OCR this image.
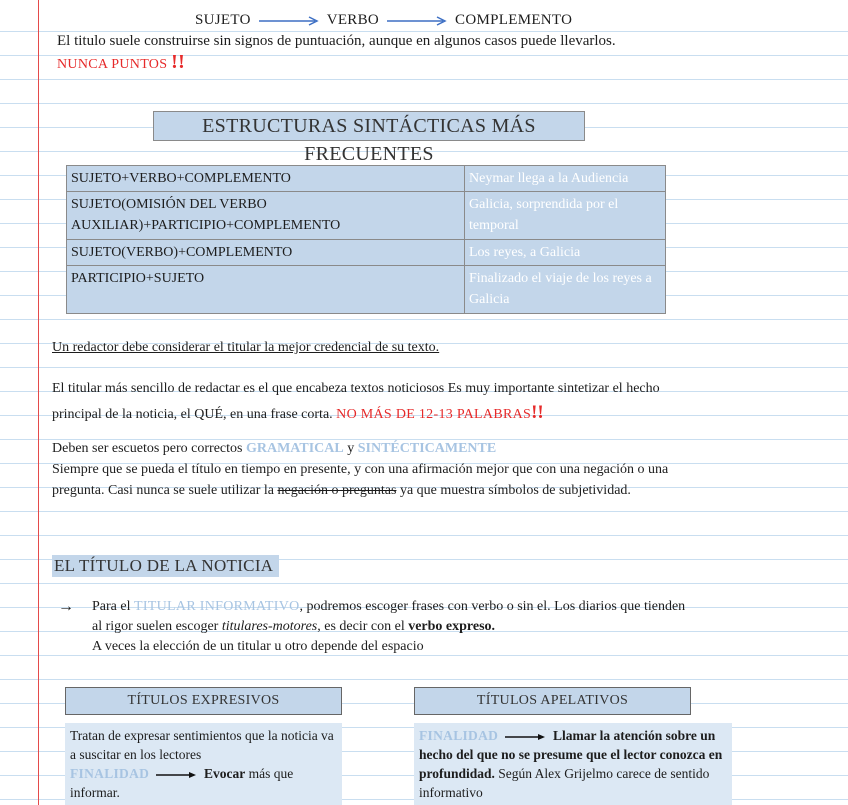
SUJETO	VERBO	COMPLEMENTO
El titulo suele construirse sin signos de puntuación, aunque en algunos casos puede llevarlos.
NUNCA PUNTOS !!
ESTRUCTURAS SINTÁCTICAS MÁS FRECUENTES
SUJETO+VERBO+COMPLEMENTO	Neymar llega a la Audiencia
SUJETO(OMISIÓN DEL VERBO AUXILIAR)+PARTICIPIO+COMPLEMENTO	Galicia, sorprendida por el temporal
SUJETO(VERBO)+COMPLEMENTO	Los reyes, a Galicia
PARTICIPIO+SUJETO	Finalizado el viaje de los reyes a Galicia
Un redactor debe considerar el titular la mejor credencial de su texto.
El titular más sencillo de redactar es el que encabeza textos noticiosos Es muy importante sintetizar el hecho principal de la noticia, el QUÉ, en una frase corta. NO MÁS DE 12-13 PALABRAS!!
Deben ser escuetos pero correctos GRAMATICAL y SINTÉCTICAMENTE
Siempre que se pueda el título en tiempo en presente, y con una afirmación mejor que con una negación o una pregunta. Casi nunca se suele utilizar la negación o preguntas ya que muestra símbolos de subjetividad.
EL TÍTULO DE LA NOTICIA
→ Para el TITULAR INFORMATIVO, podremos escoger frases con verbo o sin el. Los diarios que tienden al rigor suelen escoger titulares-motores, es decir con el verbo expreso.
A veces la elección de un titular u otro depende del espacio
TÍTULOS EXPRESIVOS	TÍTULOS APELATIVOS
Tratan de expresar sentimientos que la noticia va a suscitar en los lectores
FINALIDAD	Evocar más que informar.
FINALIDAD	Llamar la atención sobre un hecho del que no se presume que el lector conozca en profundidad. Según Alex Grijelmo carece de sentido informativo
